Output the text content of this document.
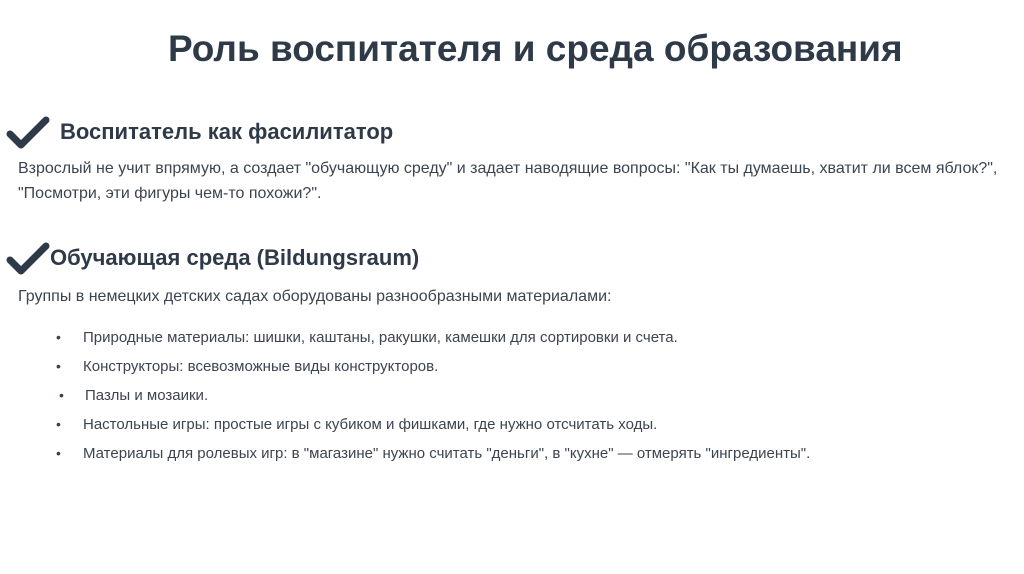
Роль воспитателя и среда образования
Воспитатель как фасилитатор

Взрослый не учит впрямую, а создает "обучающую среду" и задает наводящие вопросы: "Как ты думаешь, хватит ли всем яблок?", "Посмотри, эти фигуры чем-то похожи?".

Обучающая среда (Bildungsraum)

Группы в немецких детских садах оборудованы разнообразными материалами:

•	Природные материалы: шишки, каштаны, ракушки, камешки для сортировки и счета.
•	Конструкторы: всевозможные виды конструкторов.
•	Пазлы и мозаики.
•	Настольные игры: простые игры с кубиком и фишками, где нужно отсчитать ходы.
•	Материалы для ролевых игр: в "магазине" нужно считать "деньги", в "кухне" — отмерять "ингредиенты".
